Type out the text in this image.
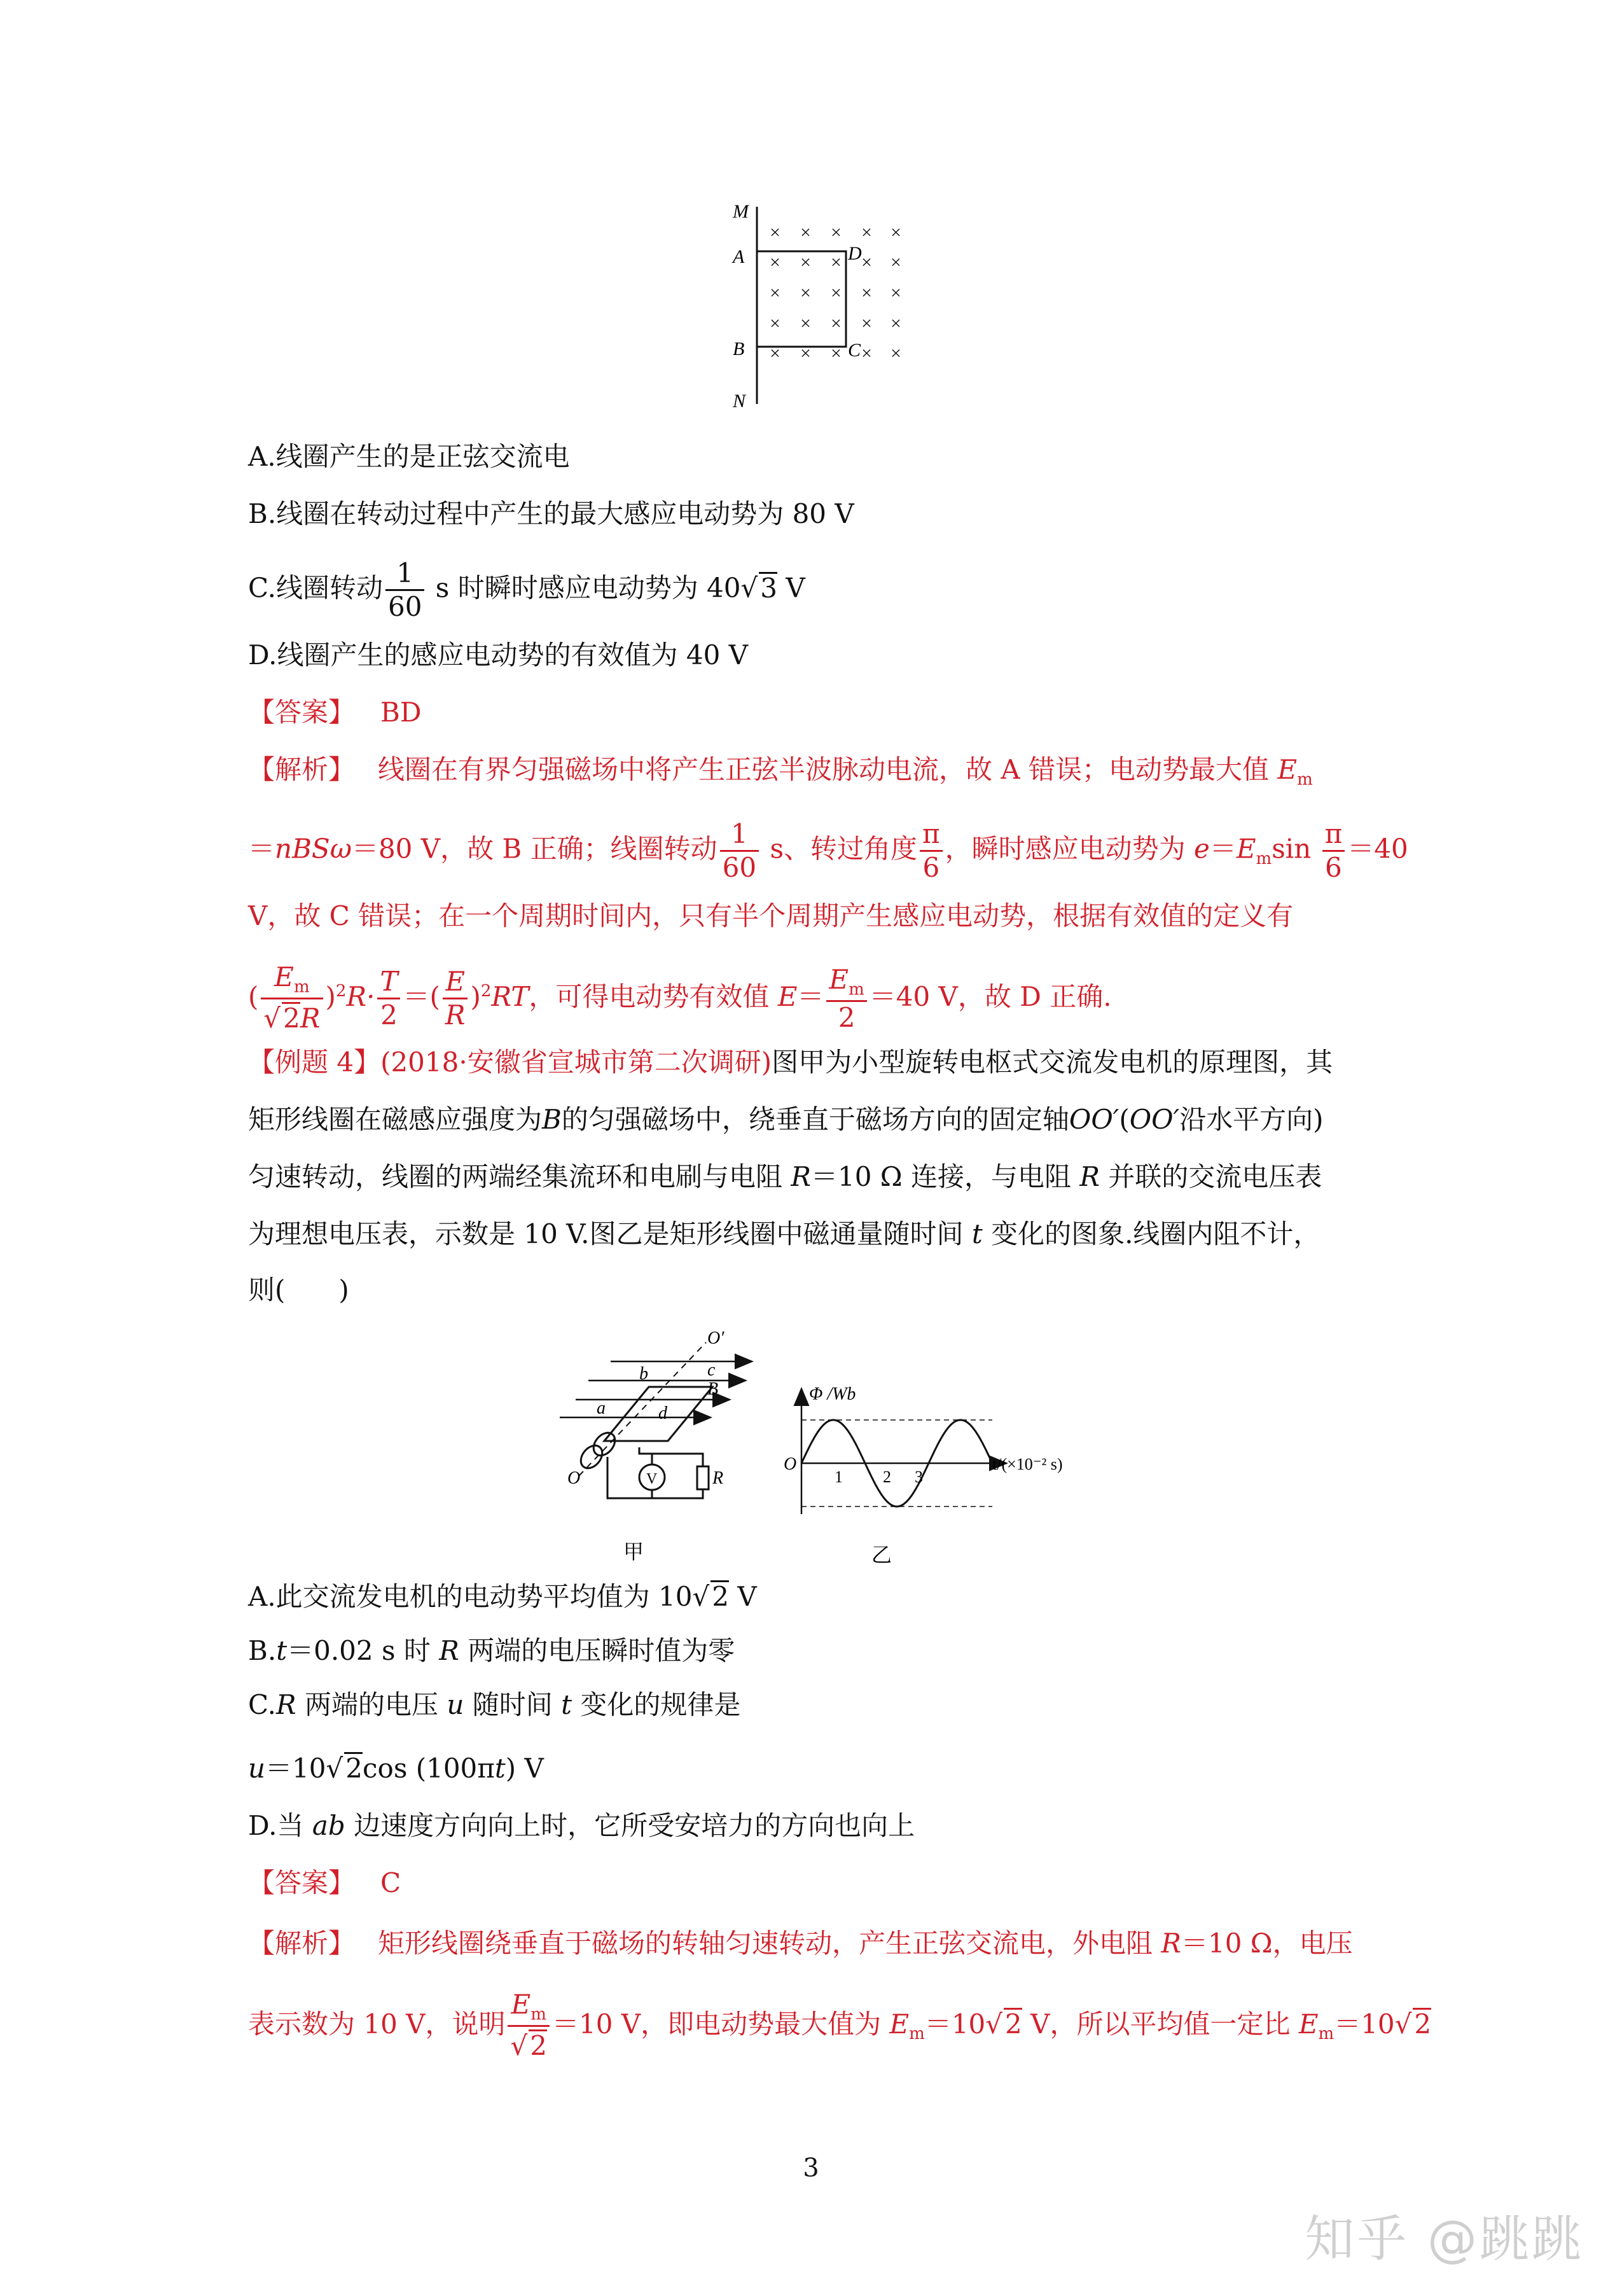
× × × × ×
× × × × ×
× × × × ×
× × × × ×
× × × × ×
M
A
B
N
D
C
A.线圈产生的是正弦交流电
B.线圈在转动过程中产生的最大感应电动势为 80 V
C.线圈转动 $\frac{1}{60}$ s 时瞬时感应电动势为 40√3 V
D.线圈产生的感应电动势的有效值为 40 V
【答案】 BD
【解析】 线圈在有界匀强磁场中将产生正弦半波脉动电流，故 A 错误；电动势最大值 $E_m$
＝nBSω＝80 V，故 B 正确；线圈转动 $\frac{1}{60}$ s、转过角度 $\frac{\pi}{6}$ ，瞬时感应电动势为 $e=E_m\sin \frac{\pi}{6} =40$
V，故 C 错误；在一个周期时间内，只有半个周期产生感应电动势，根据有效值的定义有
( $\frac{E_m}{√2R} )^2R\cdot \frac{T}{2}$ ＝( $\frac{E}{R} )^2RT$，可得电动势有效值 $E= \frac{E_m}{2} =40$ V，故 D 正确.
【例题 4】(2018·安徽省宣城市第二次调研)图甲为小型旋转电枢式交流发电机的原理图，其
矩形线圈在磁感应强度为B的匀强磁场中，绕垂直于磁场方向的固定轴OO′(OO′沿水平方向)
匀速转动，线圈的两端经集流环和电刷与电阻 R＝10 Ω 连接，与电阻 R 并联的交流电压表
为理想电压表，示数是 10 V.图乙是矩形线圈中磁通量随时间 t 变化的图象.线圈内阻不计，
则(　　)
O′
b	c
B
a	d
O	V	R
甲
Φ /Wb
O
1 2 3
t/(×10⁻² s)
乙
A.此交流发电机的电动势平均值为 10√2 V
B.t＝0.02 s 时 R 两端的电压瞬时值为零
C.R 两端的电压 u 随时间 t 变化的规律是
u＝10√2cos (100πt) V
D.当 ab 边速度方向向上时，它所受安培力的方向也向上
【答案】 C
【解析】 矩形线圈绕垂直于磁场的转轴匀速转动，产生正弦交流电，外电阻 R＝10 Ω，电压
表示数为 10 V，说明 $\frac{E_m}{√2} =10$ V，即电动势最大值为 $E_m=10√2$ V，所以平均值一定比 $E_m=10√2$
3
知乎 @跳跳
